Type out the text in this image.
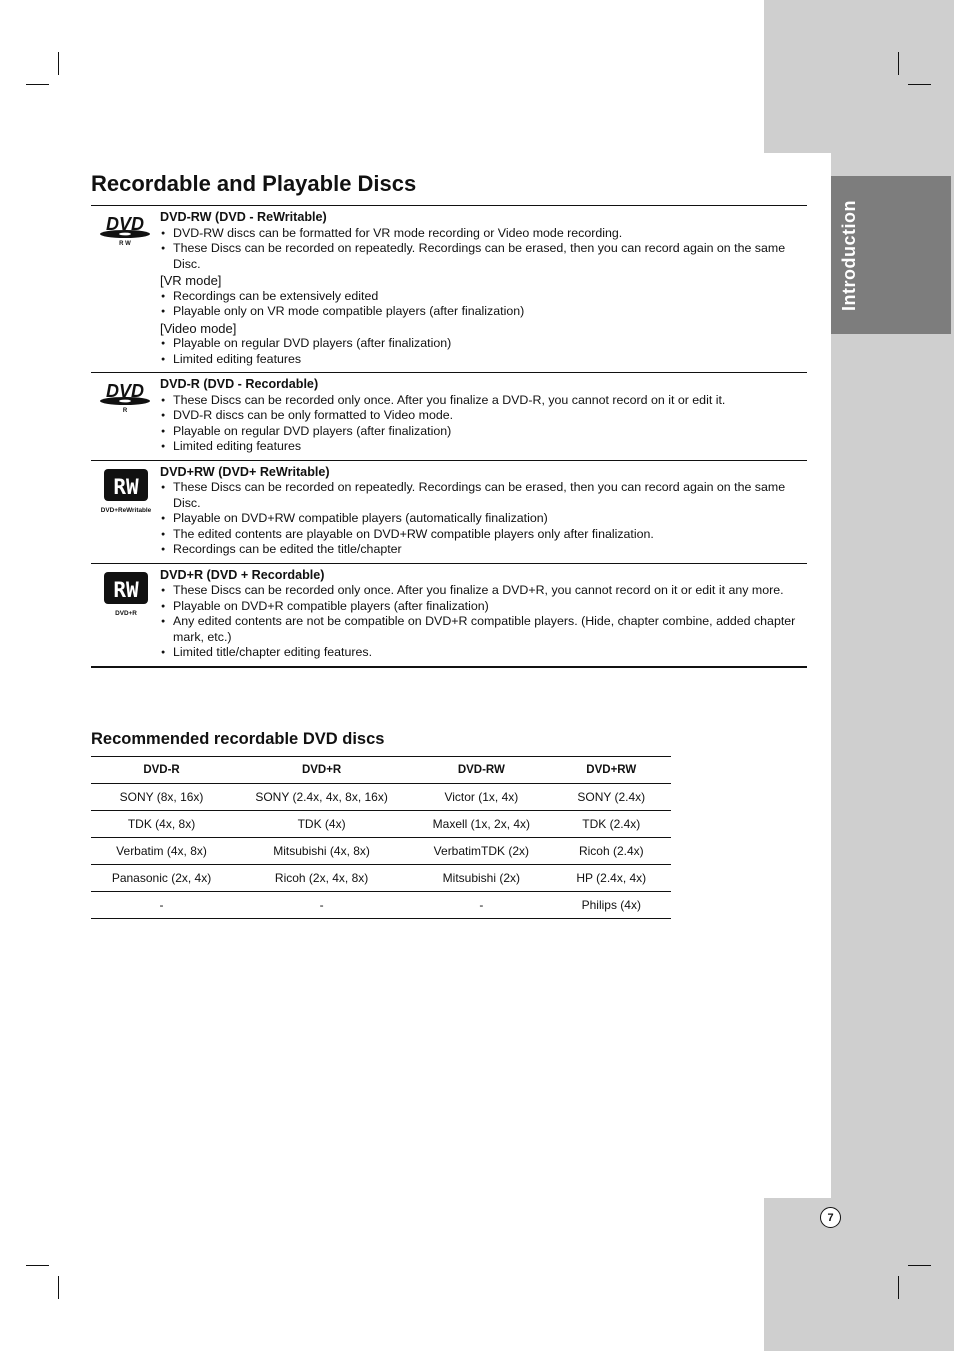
Introduction
7
Recordable and Playable Discs
DVD
R W
DVD-RW (DVD - ReWritable)
● DVD-RW discs can be formatted for VR mode recording or Video mode recording.
● These Discs can be recorded on repeatedly. Recordings can be erased, then you can record again on the same Disc.
[VR mode]
● Recordings can be extensively edited
● Playable only on VR mode compatible players (after finalization)
[Video mode]
● Playable on regular DVD players (after finalization)
● Limited editing features
DVD
R
DVD-R (DVD - Recordable)
● These Discs can be recorded only once. After you finalize a DVD-R, you cannot record on it or edit it.
● DVD-R discs can be only formatted to Video mode.
● Playable on regular DVD players (after finalization)
● Limited editing features
RW
DVD+ReWritable
DVD+RW (DVD+ ReWritable)
● These Discs can be recorded on repeatedly. Recordings can be erased, then you can record again on the same Disc.
● Playable on DVD+RW compatible players (automatically finalization)
● The edited contents are playable on DVD+RW compatible players only after finalization.
● Recordings can be edited the title/chapter
RW
DVD+R
DVD+R (DVD + Recordable)
● These Discs can be recorded only once. After you finalize a DVD+R, you cannot record on it or edit it any more.
● Playable on DVD+R compatible players (after finalization)
● Any edited contents are not be compatible on DVD+R compatible players. (Hide, chapter combine, added chapter mark, etc.)
● Limited title/chapter editing features.
Recommended recordable DVD discs
DVD-R	DVD+R	DVD-RW	DVD+RW
SONY (8x, 16x)	SONY (2.4x, 4x, 8x, 16x)	Victor (1x, 4x)	SONY (2.4x)
TDK (4x, 8x)	TDK (4x)	Maxell (1x, 2x, 4x)	TDK (2.4x)
Verbatim (4x, 8x)	Mitsubishi (4x, 8x)	VerbatimTDK (2x)	Ricoh (2.4x)
Panasonic (2x, 4x)	Ricoh (2x, 4x, 8x)	Mitsubishi (2x)	HP (2.4x, 4x)
-	-	-	Philips (4x)
